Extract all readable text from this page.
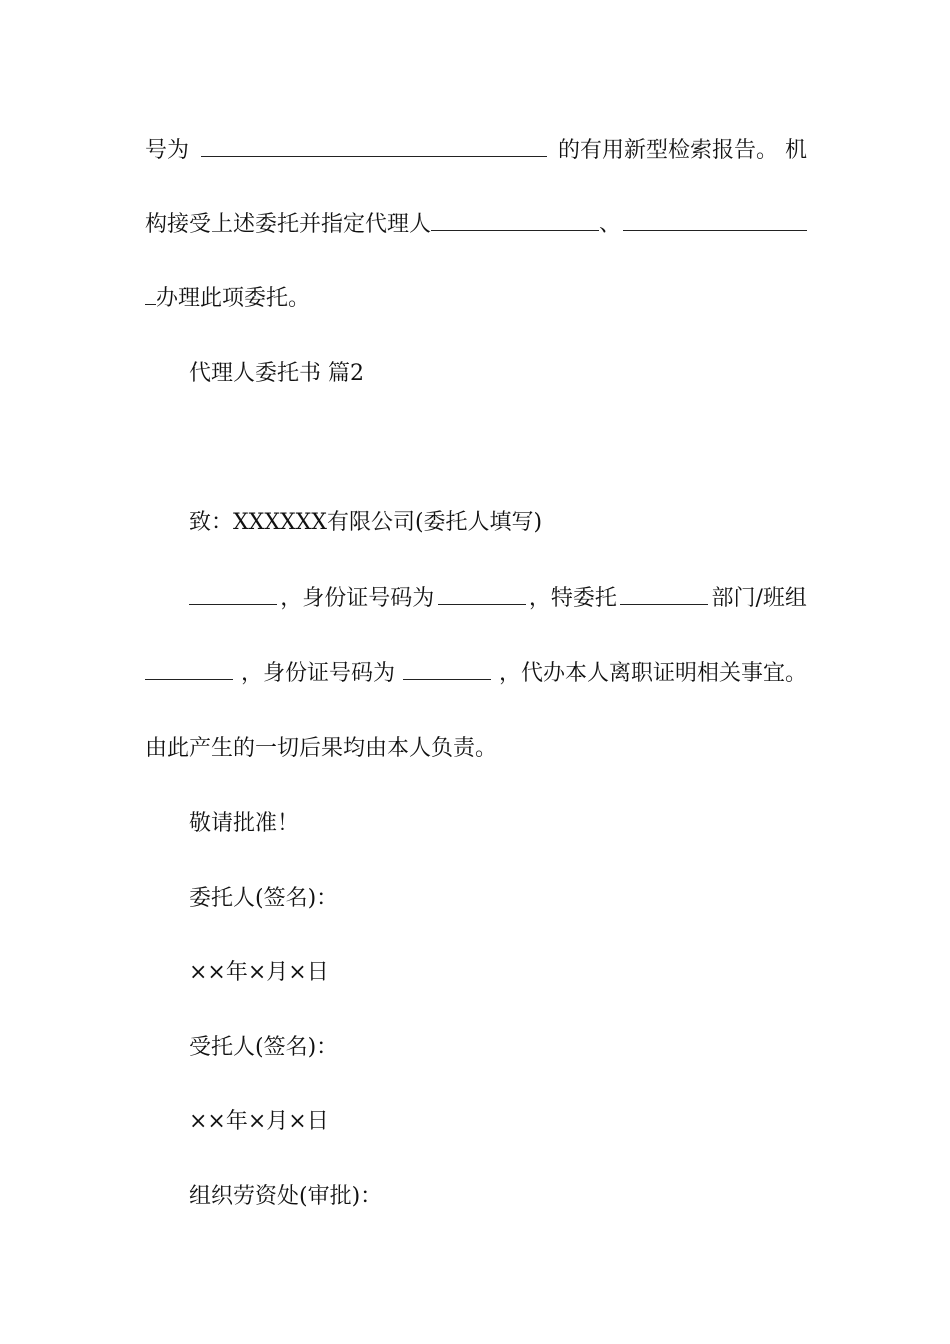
号为	的有用新型检索报告。 机
构接受上述委托并指定代理人	、
办理此项委托。
代理人委托书 篇2
致：XXXXXX有限公司(委托人填写)
，身份证号码为	，特委托	部门/班组
，身份证号码为	，代办本人离职证明相关事宜。
由此产生的一切后果均由本人负责。
敬请批准！
委托人(签名)：
××年×月×日
受托人(签名)：
××年×月×日
组织劳资处(审批)：
